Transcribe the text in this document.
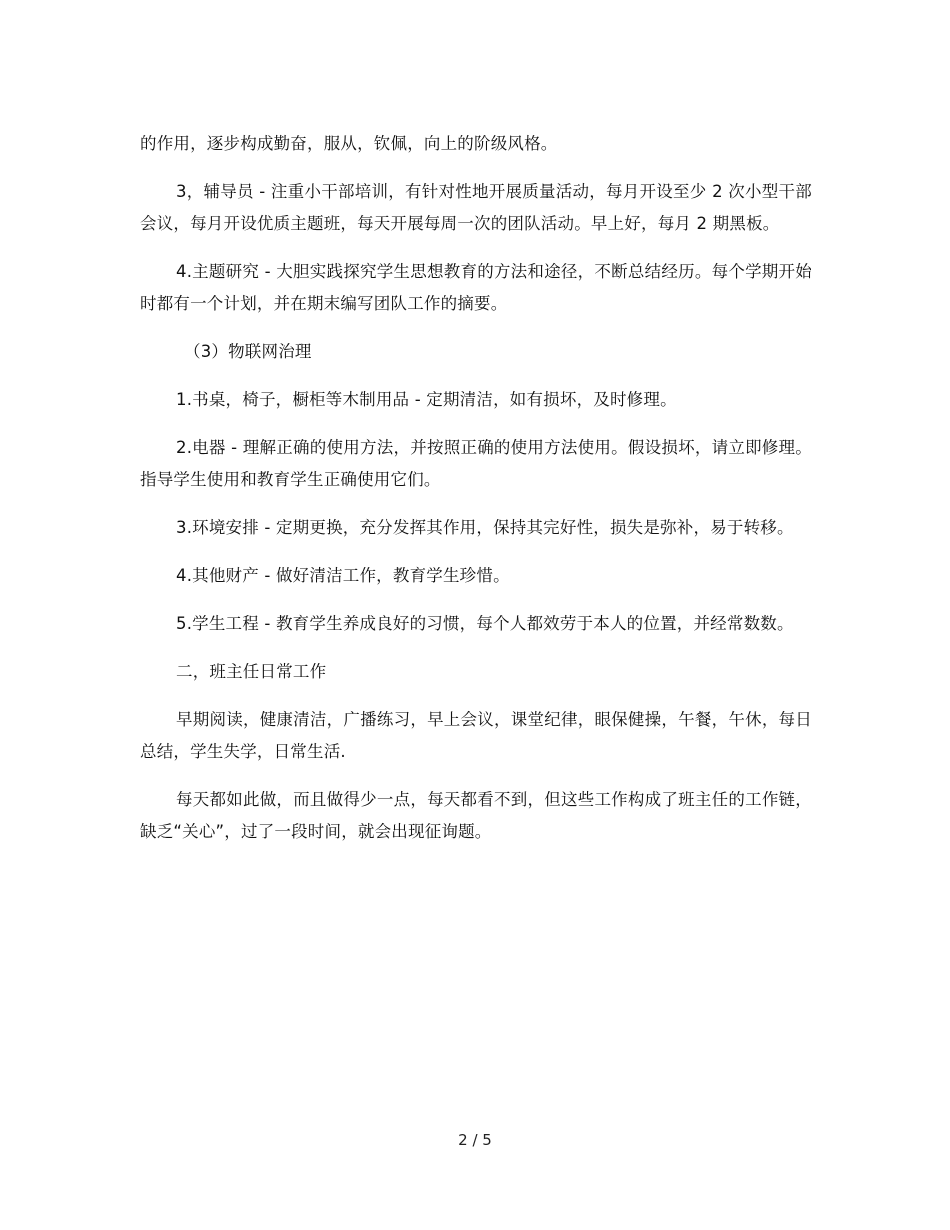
的作用，逐步构成勤奋，服从，钦佩，向上的阶级风格。

3，辅导员 - 注重小干部培训，有针对性地开展质量活动，每月开设至少 2 次小型干部会议，每月开设优质主题班，每天开展每周一次的团队活动。早上好，每月 2 期黑板。

4.主题研究 - 大胆实践探究学生思想教育的方法和途径，不断总结经历。每个学期开始时都有一个计划，并在期末编写团队工作的摘要。

（3）物联网治理

1.书桌，椅子，橱柜等木制用品 - 定期清洁，如有损坏，及时修理。

2.电器 - 理解正确的使用方法，并按照正确的使用方法使用。假设损坏，请立即修理。指导学生使用和教育学生正确使用它们。

3.环境安排 - 定期更换，充分发挥其作用，保持其完好性，损失是弥补，易于转移。

4.其他财产 - 做好清洁工作，教育学生珍惜。

5.学生工程 - 教育学生养成良好的习惯，每个人都效劳于本人的位置，并经常数数。

二，班主任日常工作

早期阅读，健康清洁，广播练习，早上会议，课堂纪律，眼保健操，午餐，午休，每日总结，学生失学，日常生活.

每天都如此做，而且做得少一点，每天都看不到，但这些工作构成了班主任的工作链，缺乏“关心”，过了一段时间，就会出现征询题。

2 / 5
